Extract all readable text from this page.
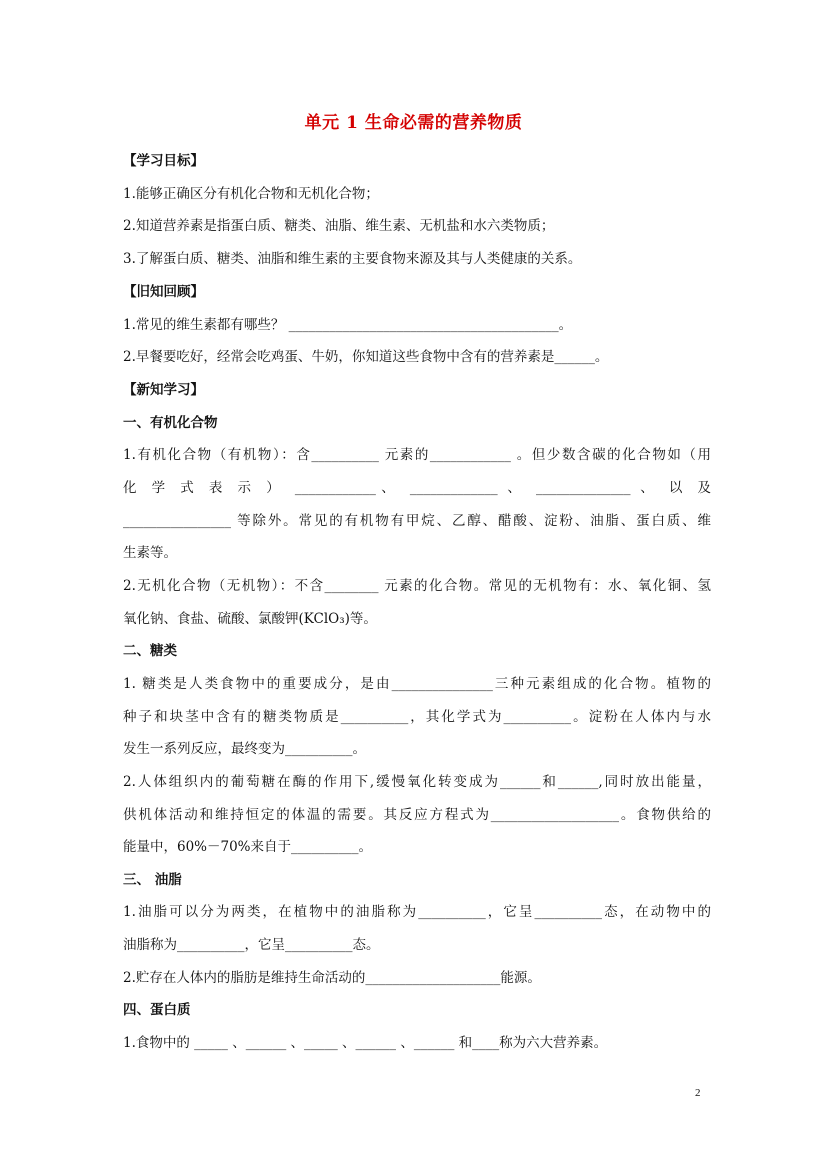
单元 1 生命必需的营养物质
【学习目标】
1.能够正确区分有机化合物和无机化合物；
2.知道营养素是指蛋白质、糖类、油脂、维生素、无机盐和水六类物质；
3.了解蛋白质、糖类、油脂和维生素的主要食物来源及其与人类健康的关系。
【旧知回顾】
1.常见的维生素都有哪些？ ________________________________________。
2.早餐要吃好，经常会吃鸡蛋、牛奶，你知道这些食物中含有的营养素是______。
【新知学习】
一、有机化合物
1.有机化合物（有机物）：含__________ 元素的____________ 。但少数含碳的化合物如（用
化 学 式 表 示 ） ____________、 _____________ 、 ______________ 、 以 及
________________ 等除外。常见的有机物有甲烷、乙醇、醋酸、淀粉、油脂、蛋白质、维
生素等。
2.无机化合物（无机物）：不含________ 元素的化合物。常见的无机物有：水、氧化铜、氢
氧化钠、食盐、硫酸、氯酸钾(KClO₃)等。
二、糖类
1. 糖类是人类食物中的重要成分，是由_______________三种元素组成的化合物。植物的
种子和块茎中含有的糖类物质是__________，其化学式为__________。淀粉在人体内与水
发生一系列反应，最终变为__________。
2.人体组织内的葡萄糖在酶的作用下,缓慢氧化转变成为______和______,同时放出能量，
供机体活动和维持恒定的体温的需要。其反应方程式为___________________。食物供给的
能量中，60%－70%来自于__________。
三、 油脂
1.油脂可以分为两类，在植物中的油脂称为__________，它呈__________态，在动物中的
油脂称为__________，它呈__________态。
2.贮存在人体内的脂肪是维持生命活动的____________________能源。
四、蛋白质
1.食物中的 _____ 、______ 、_____ 、______ 、______ 和____称为六大营养素。
2
